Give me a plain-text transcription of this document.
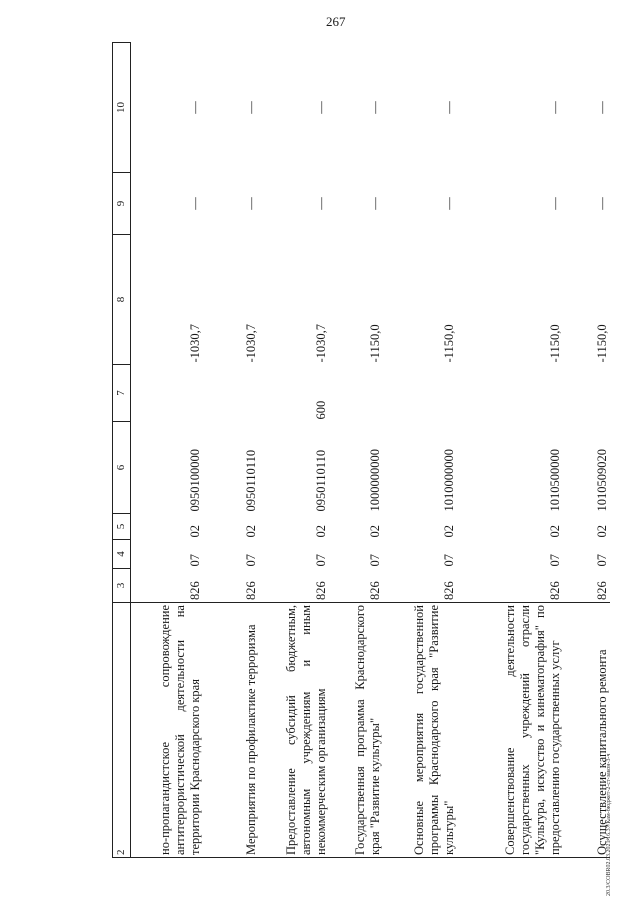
267
2	3	4	5	6	7	8	9	10
но-пропагандистское сопровождение антитеррористической деятельности на территории Краснодарского края	826	07	02	0950100000		-1030,7	—	—
Мероприятия по профилактике терроризма	826	07	02	0950110110		-1030,7	—	—
Предоставление субсидий бюджетным, автономным учреждениям и иным некоммерческим организациям	826	07	02	0950110110	600	-1030,7	—	—
Государственная программа Краснодарского края "Развитие культуры"	826	07	02	1000000000		-1150,0	—	—
Основные мероприятия государственной программы Краснодарского края "Развитие культуры"	826	07	02	1010000000		-1150,0	—	—
Совершенствование деятельности государственных учреждений отрасли "Культура, искусство и кинематография" по предоставлению государственных услуг	826	07	02	1010500000		-1150,0	—	—
Осуществление капитального ремонта	826	07	02	1010509020		-1150,0	—	—
20.3/COBR02.03.2021/16.37/Кам-бюджет-2-ст-закон-3-ч
